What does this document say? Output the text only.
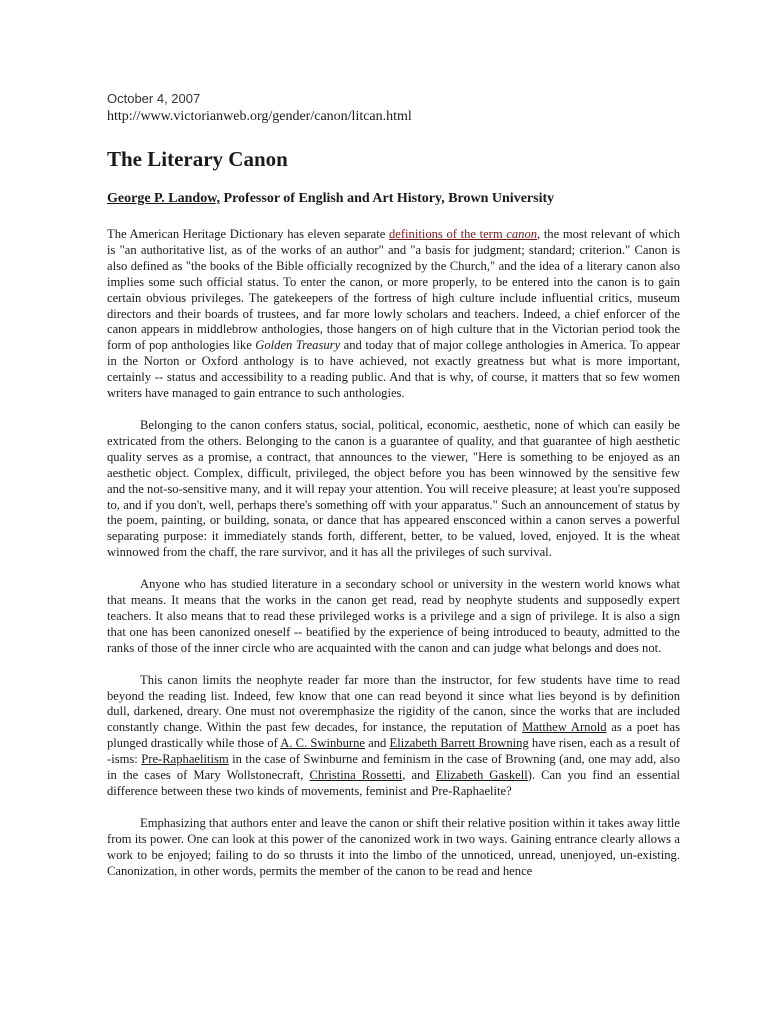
October 4, 2007
http://www.victorianweb.org/gender/canon/litcan.html
The Literary Canon
George P. Landow, Professor of English and Art History, Brown University

The American Heritage Dictionary has eleven separate definitions of the term canon, the most relevant of which is "an authoritative list, as of the works of an author" and "a basis for judgment; standard; criterion." Canon is also defined as "the books of the Bible officially recognized by the Church," and the idea of a literary canon also implies some such official status. To enter the canon, or more properly, to be entered into the canon is to gain certain obvious privileges. The gatekeepers of the fortress of high culture include influential critics, museum directors and their boards of trustees, and far more lowly scholars and teachers. Indeed, a chief enforcer of the canon appears in middlebrow anthologies, those hangers on of high culture that in the Victorian period took the form of pop anthologies like Golden Treasury and today that of major college anthologies in America. To appear in the Norton or Oxford anthology is to have achieved, not exactly greatness but what is more important, certainly -- status and accessibility to a reading public. And that is why, of course, it matters that so few women writers have managed to gain entrance to such anthologies.

Belonging to the canon confers status, social, political, economic, aesthetic, none of which can easily be extricated from the others. Belonging to the canon is a guarantee of quality, and that guarantee of high aesthetic quality serves as a promise, a contract, that announces to the viewer, "Here is something to be enjoyed as an aesthetic object. Complex, difficult, privileged, the object before you has been winnowed by the sensitive few and the not-so-sensitive many, and it will repay your attention. You will receive pleasure; at least you're supposed to, and if you don't, well, perhaps there's something off with your apparatus." Such an announcement of status by the poem, painting, or building, sonata, or dance that has appeared ensconced within a canon serves a powerful separating purpose: it immediately stands forth, different, better, to be valued, loved, enjoyed. It is the wheat winnowed from the chaff, the rare survivor, and it has all the privileges of such survival.

Anyone who has studied literature in a secondary school or university in the western world knows what that means. It means that the works in the canon get read, read by neophyte students and supposedly expert teachers. It also means that to read these privileged works is a privilege and a sign of privilege. It is also a sign that one has been canonized oneself -- beatified by the experience of being introduced to beauty, admitted to the ranks of those of the inner circle who are acquainted with the canon and can judge what belongs and does not.

This canon limits the neophyte reader far more than the instructor, for few students have time to read beyond the reading list. Indeed, few know that one can read beyond it since what lies beyond is by definition dull, darkened, dreary. One must not overemphasize the rigidity of the canon, since the works that are included constantly change. Within the past few decades, for instance, the reputation of Matthew Arnold as a poet has plunged drastically while those of A. C. Swinburne and Elizabeth Barrett Browning have risen, each as a result of -isms: Pre-Raphaelitism in the case of Swinburne and feminism in the case of Browning (and, one may add, also in the cases of Mary Wollstonecraft, Christina Rossetti, and Elizabeth Gaskell). Can you find an essential difference between these two kinds of movements, feminist and Pre-Raphaelite?

Emphasizing that authors enter and leave the canon or shift their relative position within it takes away little from its power. One can look at this power of the canonized work in two ways. Gaining entrance clearly allows a work to be enjoyed; failing to do so thrusts it into the limbo of the unnoticed, unread, unenjoyed, un-existing. Canonization, in other words, permits the member of the canon to be read and hence
